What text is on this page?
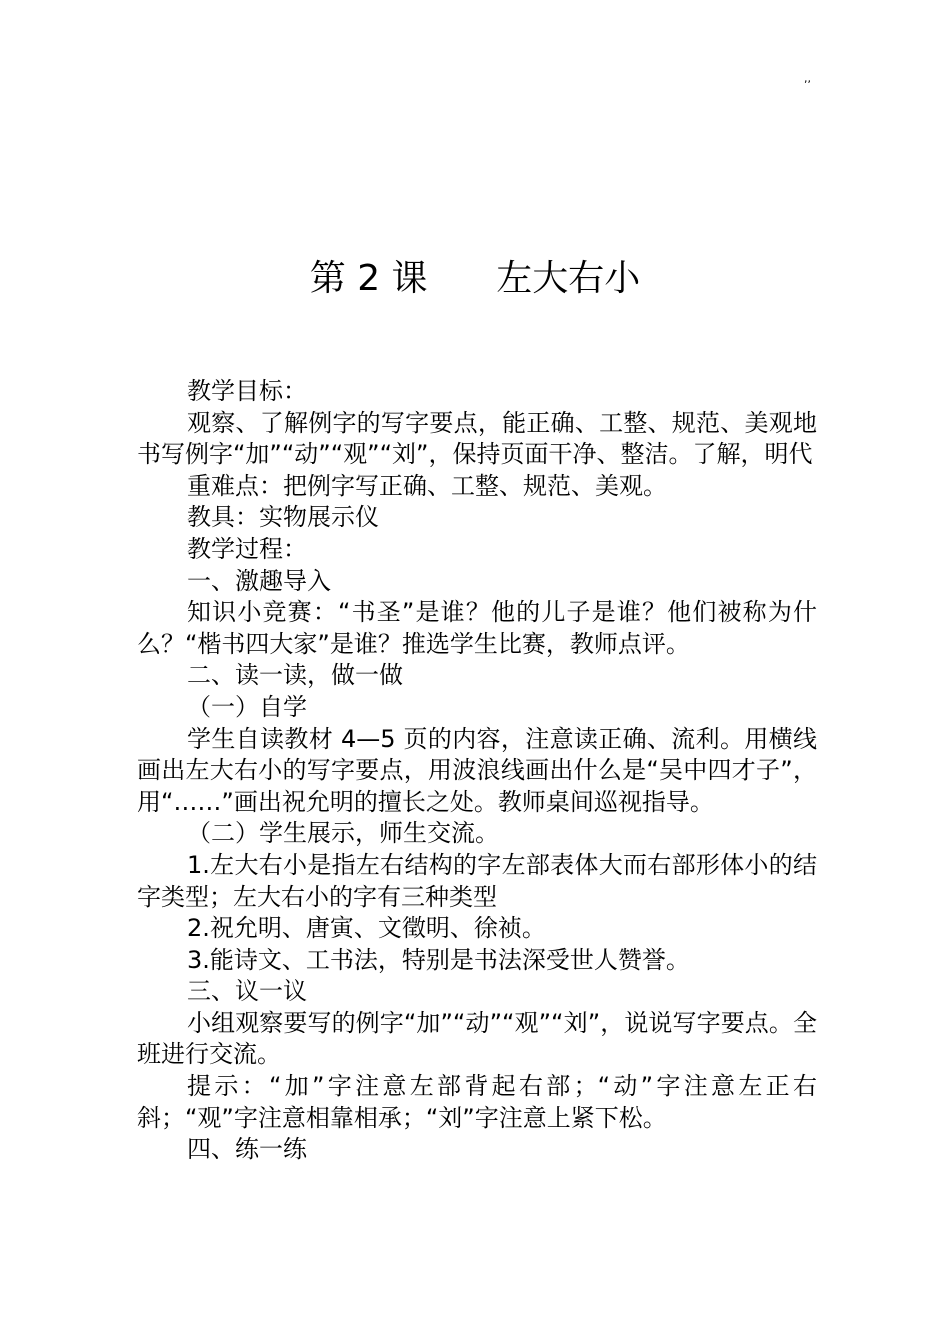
,,
第 2 课      左大右小

教学目标：

观察、了解例字的写字要点，能正确、工整、规范、美观地书写例字“加”“动”“观”“刘”，保持页面干净、整洁。了解，明代

重难点：把例字写正确、工整、规范、美观。

教具：实物展示仪

教学过程：

一、激趣导入

知识小竞赛：“书圣”是谁？他的儿子是谁？他们被称为什么？“楷书四大家”是谁？推选学生比赛，教师点评。

二、读一读，做一做

（一）自学

学生自读教材 4—5 页的内容，注意读正确、流利。用横线画出左大右小的写字要点，用波浪线画出什么是“吴中四才子”，用“……”画出祝允明的擅长之处。教师桌间巡视指导。

（二）学生展示，师生交流。

1.左大右小是指左右结构的字左部表体大而右部形体小的结字类型；左大右小的字有三种类型

2.祝允明、唐寅、文徵明、徐祯。

3.能诗文、工书法，特别是书法深受世人赞誉。

三、议一议

小组观察要写的例字“加”“动”“观”“刘”，说说写字要点。全班进行交流。

提示：“加”字注意左部背起右部；“动”字注意左正右斜；“观”字注意相靠相承；“刘”字注意上紧下松。

四、练一练
